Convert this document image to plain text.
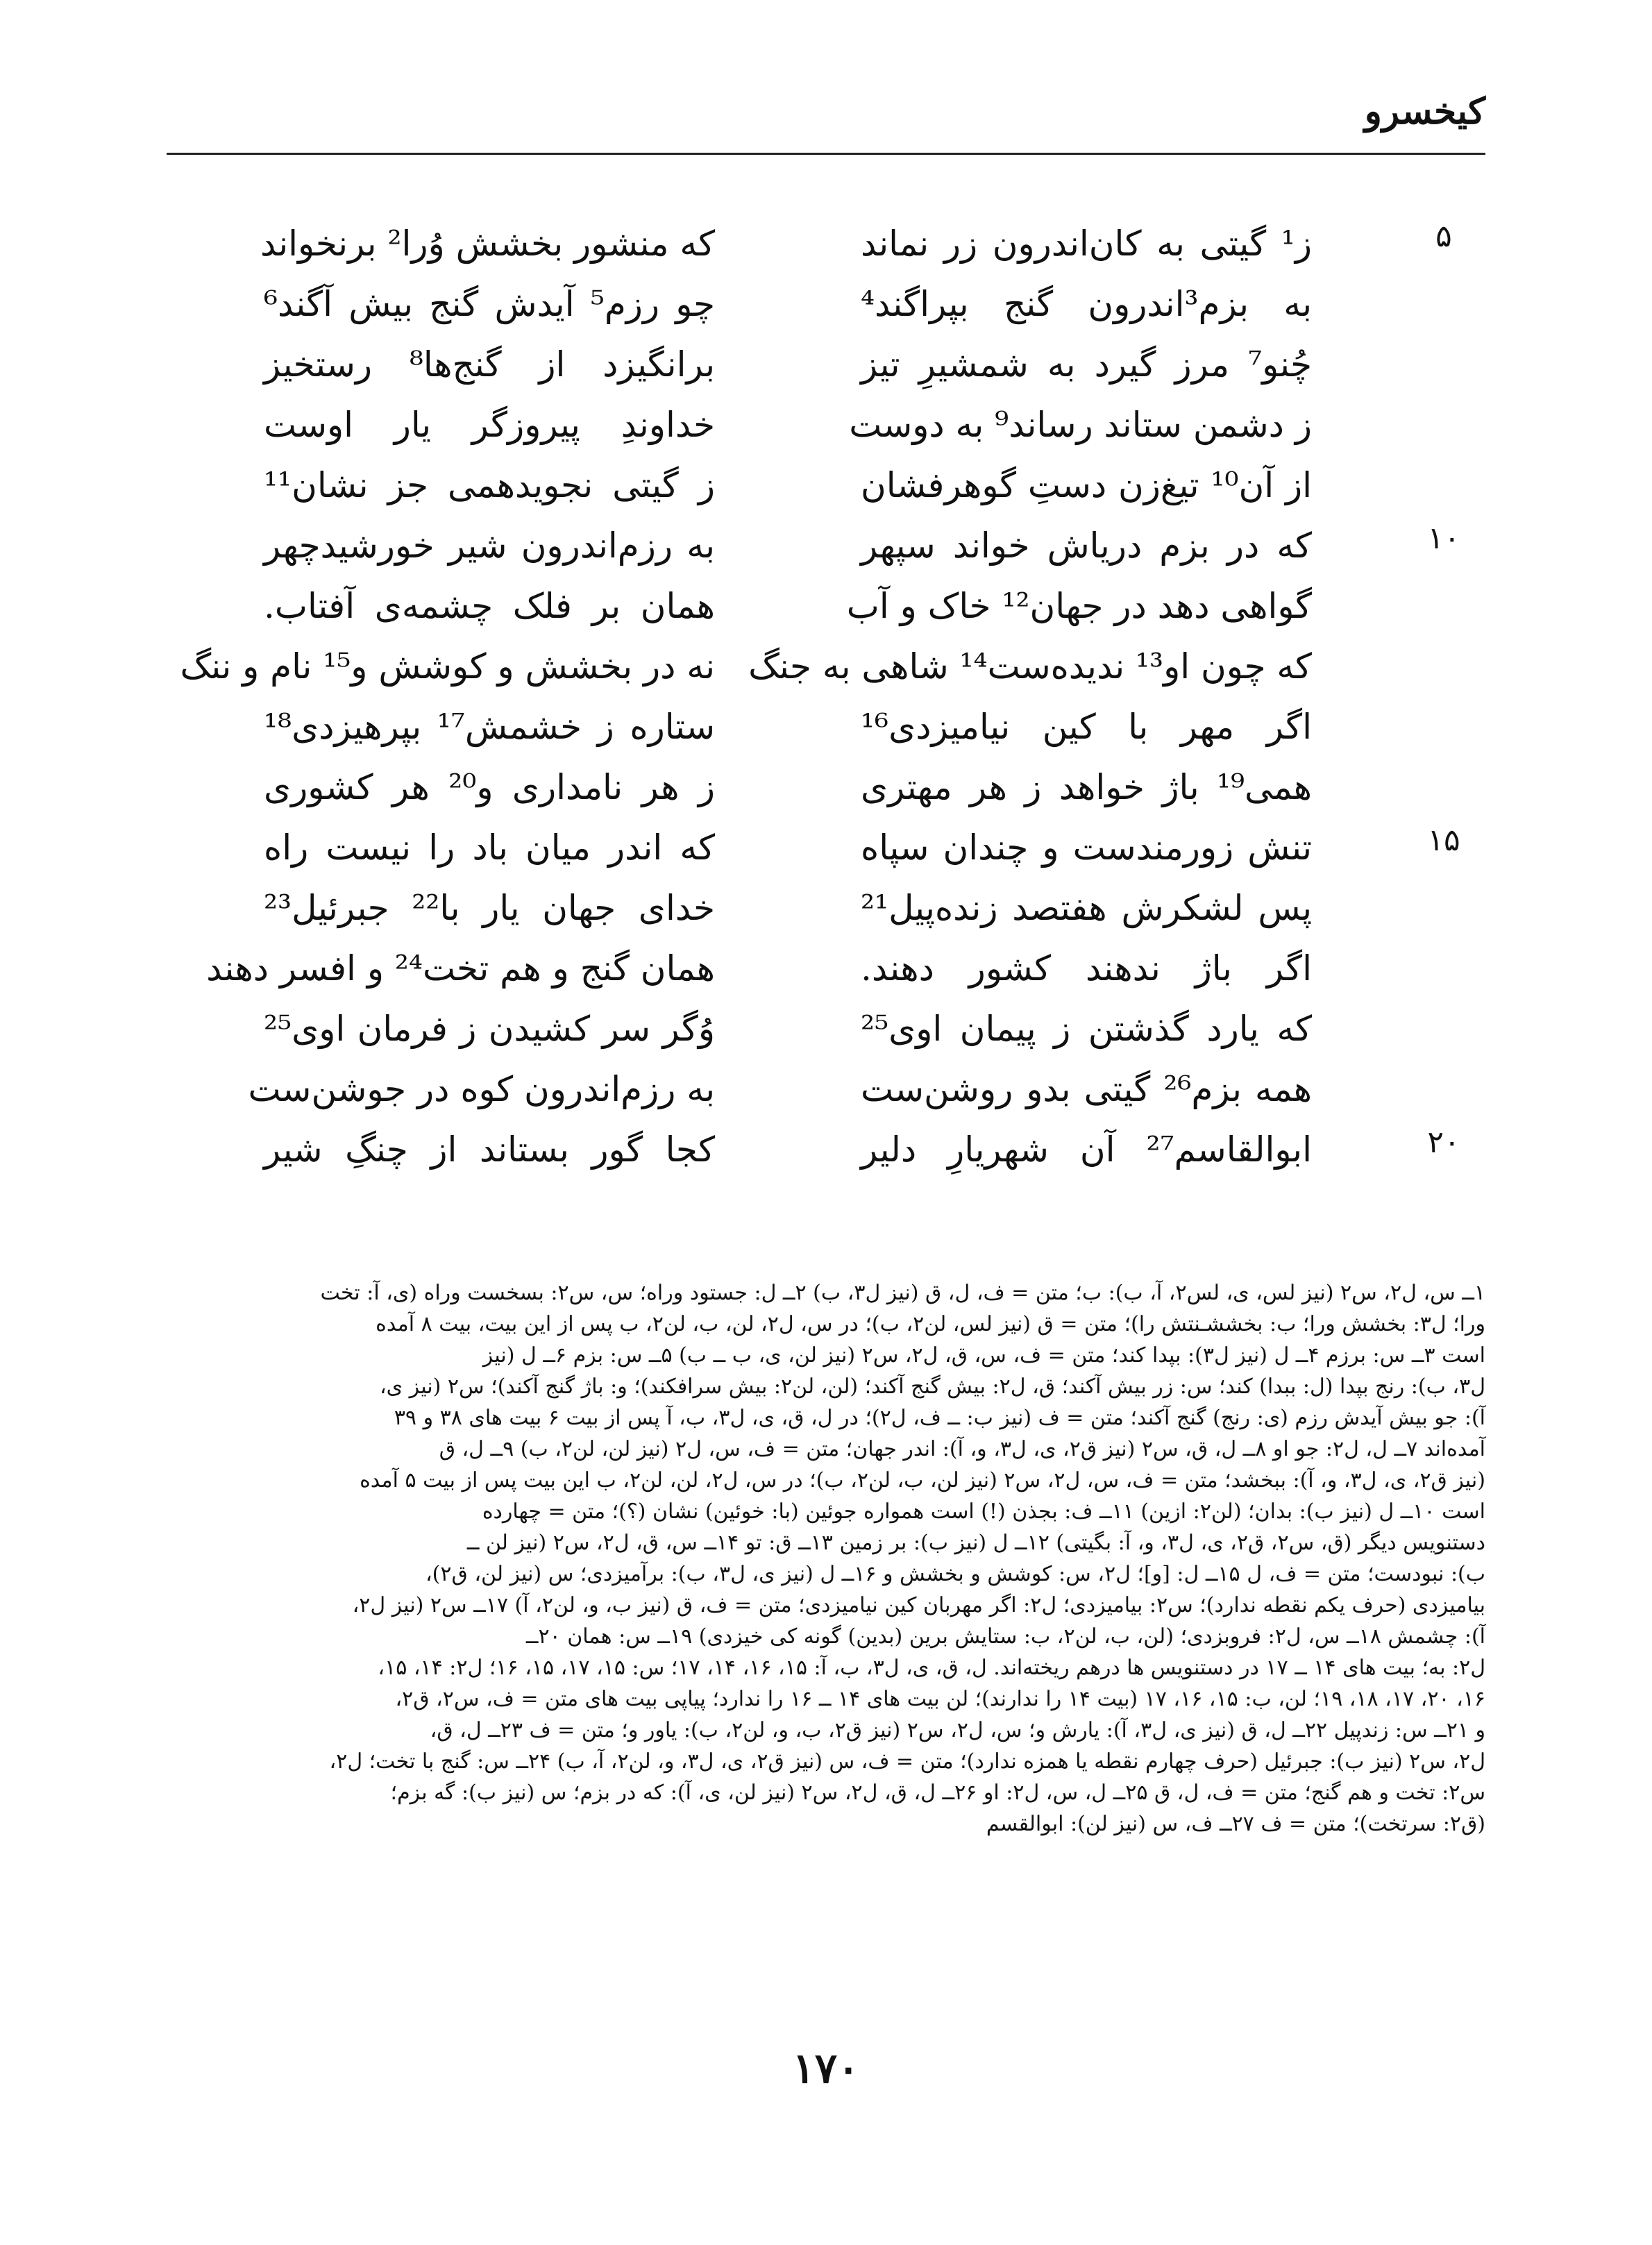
کیخسرو
۵
ز¹ گیتی به کان‌اندرون زر نماند
که منشور بخشش وُرا² برنخواند
به بزم³اندرون گنج بپراگند⁴
چو رزم⁵ آیدش گنج بیش آگند⁶
چُنو⁷ مرز گیرد به شمشیرِ تیز
برانگیزد از گنج‌ها⁸ رستخیز
ز دشمن ستاند رساند⁹ به دوست
خداوندِ پیروزگر یار اوست
از آن¹⁰ تیغ‌زن دستِ گوهرفشان
ز گیتی نجویدهمی جز نشان¹¹
۱۰
که در بزم دریاش خواند سپهر
به رزم‌اندرون شیر خورشیدچهر
گواهی دهد در جهان¹² خاک و آب
همان بر فلک چشمه‌ی آفتاب.
که چون او¹³ ندیده‌ست¹⁴ شاهی به جنگ
نه در بخشش و کوشش و¹⁵ نام و ننگ
اگر مهر با کین نیامیزدی¹⁶
ستاره ز خشمش¹⁷ بپرهیزدی¹⁸
همی¹⁹ باژ خواهد ز هر مهتری
ز هر نامداری و²⁰ هر کشوری
۱۵
تنش زورمندست و چندان سپاه
که اندر میان باد را نیست راه
پس لشکرش هفتصد زنده‌پیل²¹
خدای جهان یار با²² جبرئیل²³
اگر باژ ندهند کشور دهند.
همان گنج و هم تخت²⁴ و افسر دهند
که یارد گذشتن ز پیمان اوی²⁵
وُگر سر کشیدن ز فرمان اوی²⁵
همه بزم²⁶ گیتی بدو روشن‌ست
به رزم‌اندرون کوه در جوشن‌ست
۲۰
ابوالقاسم²⁷ آن شهریارِ دلیر
کجا گور بستاند از چنگِ شیر

۱ــ س، ل۲، س۲ (نیز لس، ی، لس۲، آ، ب): ب؛ متن = ف، ل، ق (نیز ل۳، ب) ۲ــ ل: جستود وراه؛ س، س۲: بسخست وراه (ی، آ: تخت

ورا؛ ل۳: بخشش ورا؛ ب: بخششـنتش را)؛ متن = ق (نیز لس، لن۲، ب)؛ در س، ل۲، لن، ب، لن۲، ب پس از این بیت، بیت ۸ آمده

است ۳ــ س: برزم ۴ــ ل (نیز ل۳): بپدا کند؛ متن = ف، س، ق، ل۲، س۲ (نیز لن، ی، ب ــ ب) ۵ــ س: بزم ۶ــ ل (نیز

ل۳، ب): رنج بپدا (ل: ببدا) کند؛ س: زر بیش آکند؛ ق، ل۲: بیش گنج آکند؛ (لن، لن۲: بیش سرافکند)؛ و: باژ گنج آکند)؛ س۲ (نیز ی،

آ): جو بیش آیدش رزم (ی: رنج) گنج آکند؛ متن = ف (نیز ب: ــ ف، ل۲)؛ در ل، ق، ی، ل۳، ب، آ پس از بیت ۶ بیت های ۳۸ و ۳۹

آمده‌اند ۷ــ ل، ل۲: جو او ۸ــ ل، ق، س۲ (نیز ق۲، ی، ل۳، و، آ): اندر جهان؛ متن = ف، س، ل۲ (نیز لن، لن۲، ب) ۹ــ ل، ق

(نیز ق۲، ی، ل۳، و، آ): ببخشد؛ متن = ف، س، ل۲، س۲ (نیز لن، ب، لن۲، ب)؛ در س، ل۲، لن، لن۲، ب این بیت پس از بیت ۵ آمده

است ۱۰ــ ل (نیز ب): بدان؛ (لن۲: ازین) ۱۱ــ ف: بجذن (!) است همواره جوئین (با: خوئین) نشان (؟)؛ متن = چهارده

دستنویس دیگر (ق، س۲، ق۲، ی، ل۳، و، آ: بگیتی) ۱۲ــ ل (نیز ب): بر زمین ۱۳ــ ق: تو ۱۴ــ س، ق، ل۲، س۲ (نیز لن ــ

ب): نبودست؛ متن = ف، ل ۱۵ــ ل: [و]؛ ل۲، س: کوشش و بخشش و ۱۶ــ ل (نیز ی، ل۳، ب): برآمیزدی؛ س (نیز لن، ق۲)،

بیامیزدی (حرف یکم نقطه ندارد)؛ س۲: بیامیزدی؛ ل۲: اگر مهربان کین نیامیزدی؛ متن = ف، ق (نیز ب، و، لن۲، آ) ۱۷ــ س۲ (نیز ل۲،

آ): چشمش ۱۸ــ س، ل۲: فروبزدی؛ (لن، ب، لن۲، ب: ستایش برین (بدین) گونه کی خیزدی) ۱۹ــ س: همان ۲۰ــ

ل۲: به؛ بیت های ۱۴ ــ ۱۷ در دستنویس ها درهم ریخته‌اند. ل، ق، ی، ل۳، ب، آ: ۱۵، ۱۶، ۱۴، ۱۷؛ س: ۱۵، ۱۷، ۱۵، ۱۶؛ ل۲: ۱۴، ۱۵،

۱۶، ۲۰، ۱۷، ۱۸، ۱۹؛ لن، ب: ۱۵، ۱۶، ۱۷ (بیت ۱۴ را ندارند)؛ لن بیت های ۱۴ ــ ۱۶ را ندارد؛ پیاپی بیت های متن = ف، س۲، ق۲،

و ۲۱ــ س: زندپیل ۲۲ــ ل، ق (نیز ی، ل۳، آ): یارش و؛ س، ل۲، س۲ (نیز ق۲، ب، و، لن۲، ب): یاور و؛ متن = ف ۲۳ــ ل، ق،

ل۲، س۲ (نیز ب): جبرئیل (حرف چهارم نقطه یا همزه ندارد)؛ متن = ف، س (نیز ق۲، ی، ل۳، و، لن۲، آ، ب) ۲۴ــ س: گنج با تخت؛ ل۲،

س۲: تخت و هم گنج؛ متن = ف، ل، ق ۲۵ــ ل، س، ل۲: او ۲۶ــ ل، ق، ل۲، س۲ (نیز لن، ی، آ): که در بزم؛ س (نیز ب): گه بزم؛

(ق۲: سرتخت)؛ متن = ف ۲۷ــ ف، س (نیز لن): ابوالقسم

۱۷۰
